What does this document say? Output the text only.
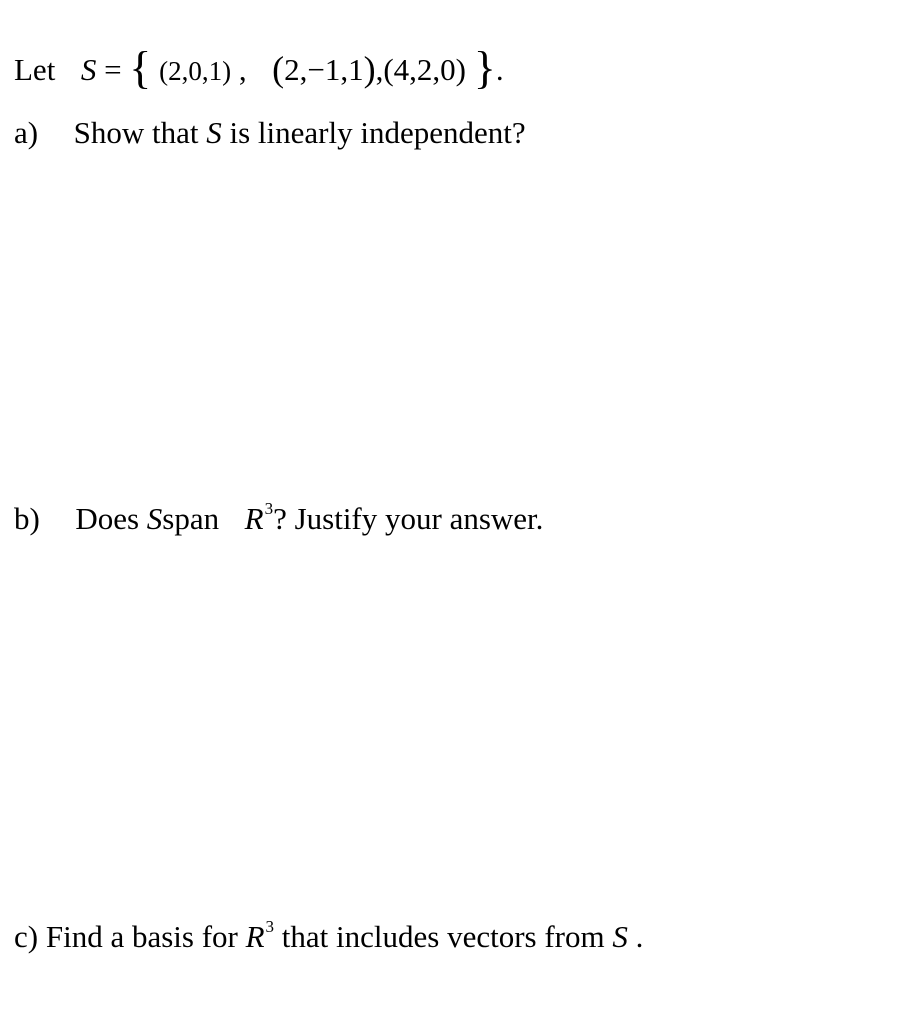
Let S = { (2,0,1) , (2,−1,1),(4,2,0) }.
a) Show that S is linearly independent?
b) Does Sspan $R^3$? Justify your answer.
c) Find a basis for $R^3$ that includes vectors from S .
